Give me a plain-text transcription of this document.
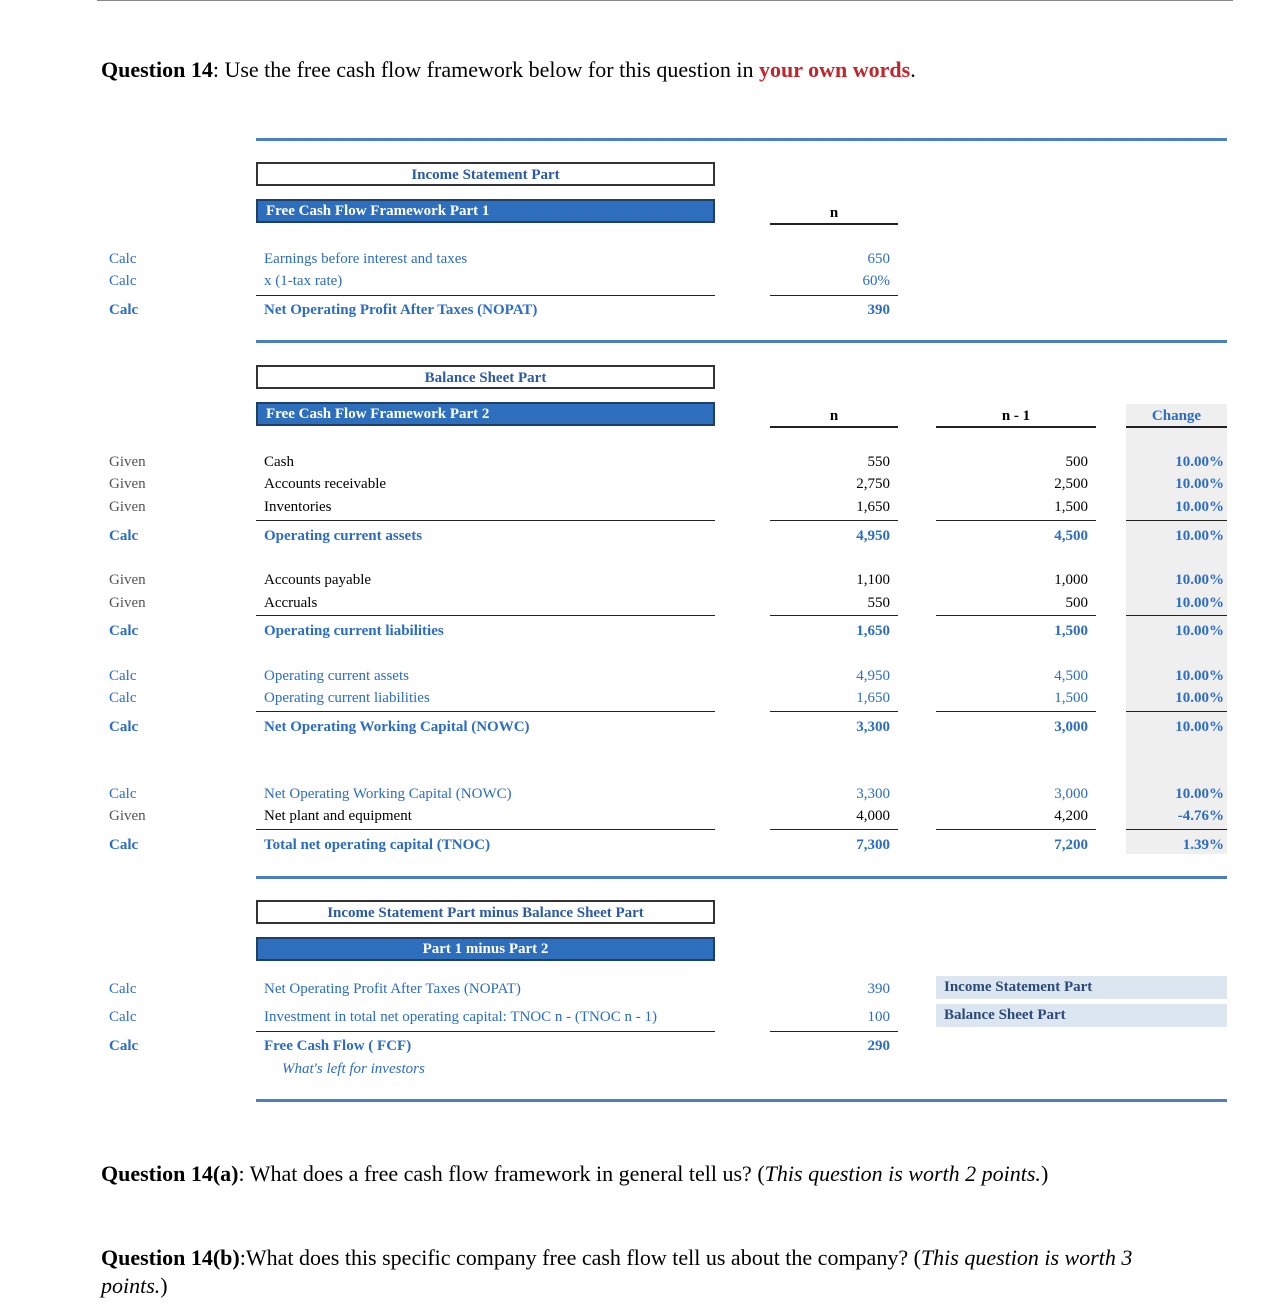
Question 14: Use the free cash flow framework below for this question in your own words.
Income Statement Part
Free Cash Flow Framework Part 1	n
Calc	Earnings before interest and taxes	650
Calc	x (1-tax rate)	60%
Calc	Net Operating Profit After Taxes (NOPAT)	390
Balance Sheet Part
Free Cash Flow Framework Part 2	n	n - 1	Change
Given	Cash	550	500	10.00%
Given	Accounts receivable	2,750	2,500	10.00%
Given	Inventories	1,650	1,500	10.00%
Calc	Operating current assets	4,950	4,500	10.00%
Given	Accounts payable	1,100	1,000	10.00%
Given	Accruals	550	500	10.00%
Calc	Operating current liabilities	1,650	1,500	10.00%
Calc	Operating current assets	4,950	4,500	10.00%
Calc	Operating current liabilities	1,650	1,500	10.00%
Calc	Net Operating Working Capital (NOWC)	3,300	3,000	10.00%
Calc	Net Operating Working Capital (NOWC)	3,300	3,000	10.00%
Given	Net plant and equipment	4,000	4,200	-4.76%
Calc	Total net operating capital (TNOC)	7,300	7,200	1.39%
Income Statement Part minus Balance Sheet Part
Part 1 minus Part 2
Calc	Net Operating Profit After Taxes (NOPAT)	390	Income Statement Part
Calc	Investment in total net operating capital: TNOC n - (TNOC n - 1)	100	Balance Sheet Part
Calc	Free Cash Flow ( FCF)	290
What's left for investors
Question 14(a): What does a free cash flow framework in general tell us? (This question is worth 2 points.)
Question 14(b):What does this specific company free cash flow tell us about the company? (This question is worth 3
points.)
